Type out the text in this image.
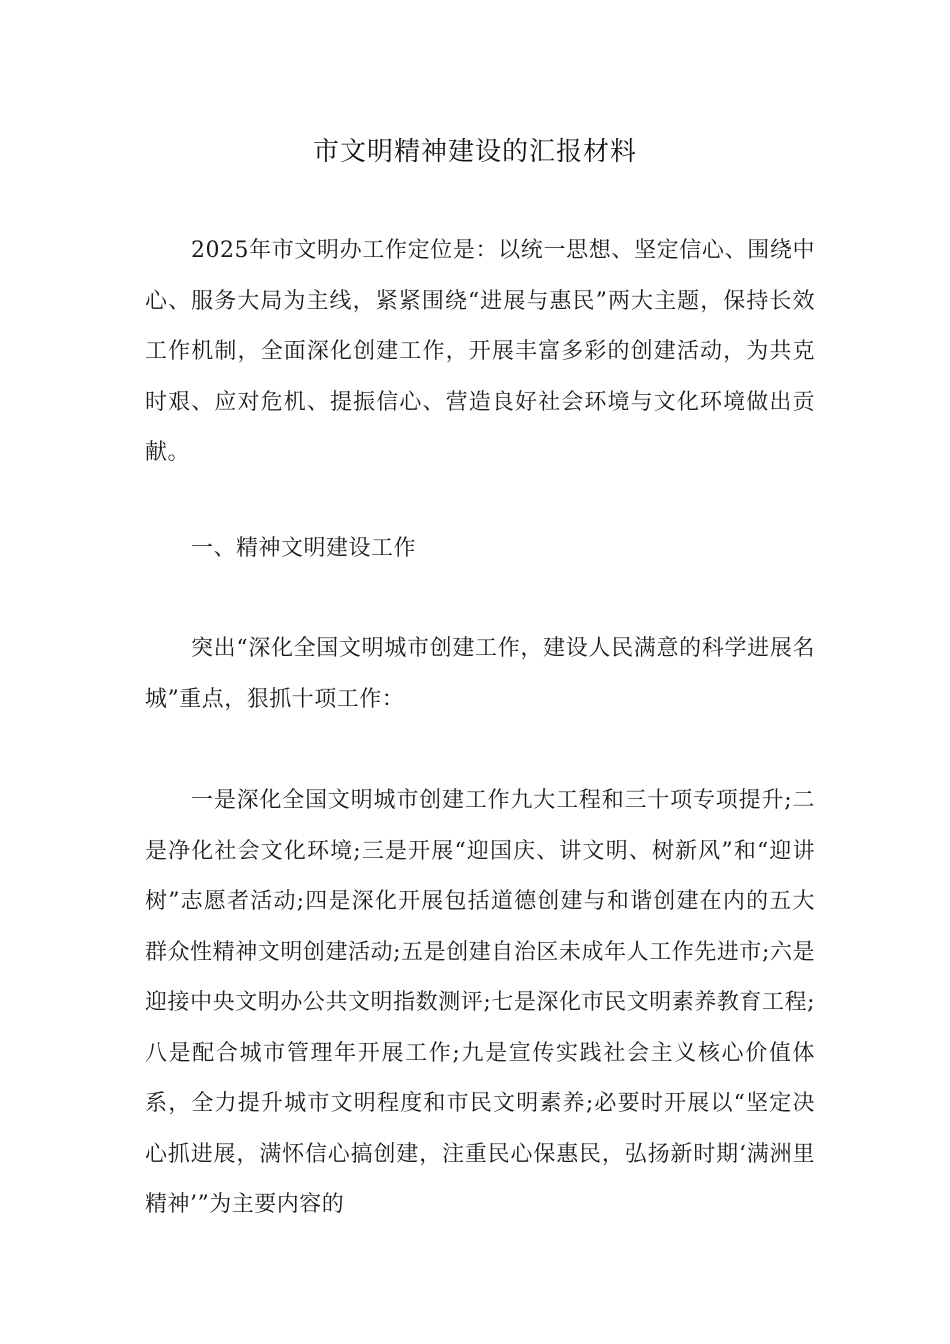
市文明精神建设的汇报材料

2025年市文明办工作定位是：以统一思想、坚定信心、围绕中心、服务大局为主线，紧紧围绕“进展与惠民”两大主题，保持长效工作机制，全面深化创建工作，开展丰富多彩的创建活动，为共克时艰、应对危机、提振信心、营造良好社会环境与文化环境做出贡献。

一、精神文明建设工作

突出“深化全国文明城市创建工作，建设人民满意的科学进展名城”重点，狠抓十项工作：

一是深化全国文明城市创建工作九大工程和三十项专项提升;二是净化社会文化环境;三是开展“迎国庆、讲文明、树新风”和“迎讲树”志愿者活动;四是深化开展包括道德创建与和谐创建在内的五大群众性精神文明创建活动;五是创建自治区未成年人工作先进市;六是迎接中央文明办公共文明指数测评;七是深化市民文明素养教育工程;八是配合城市管理年开展工作;九是宣传实践社会主义核心价值体系，全力提升城市文明程度和市民文明素养;必要时开展以“坚定决心抓进展，满怀信心搞创建，注重民心保惠民，弘扬新时期‘满洲里精神’”为主要内容的
